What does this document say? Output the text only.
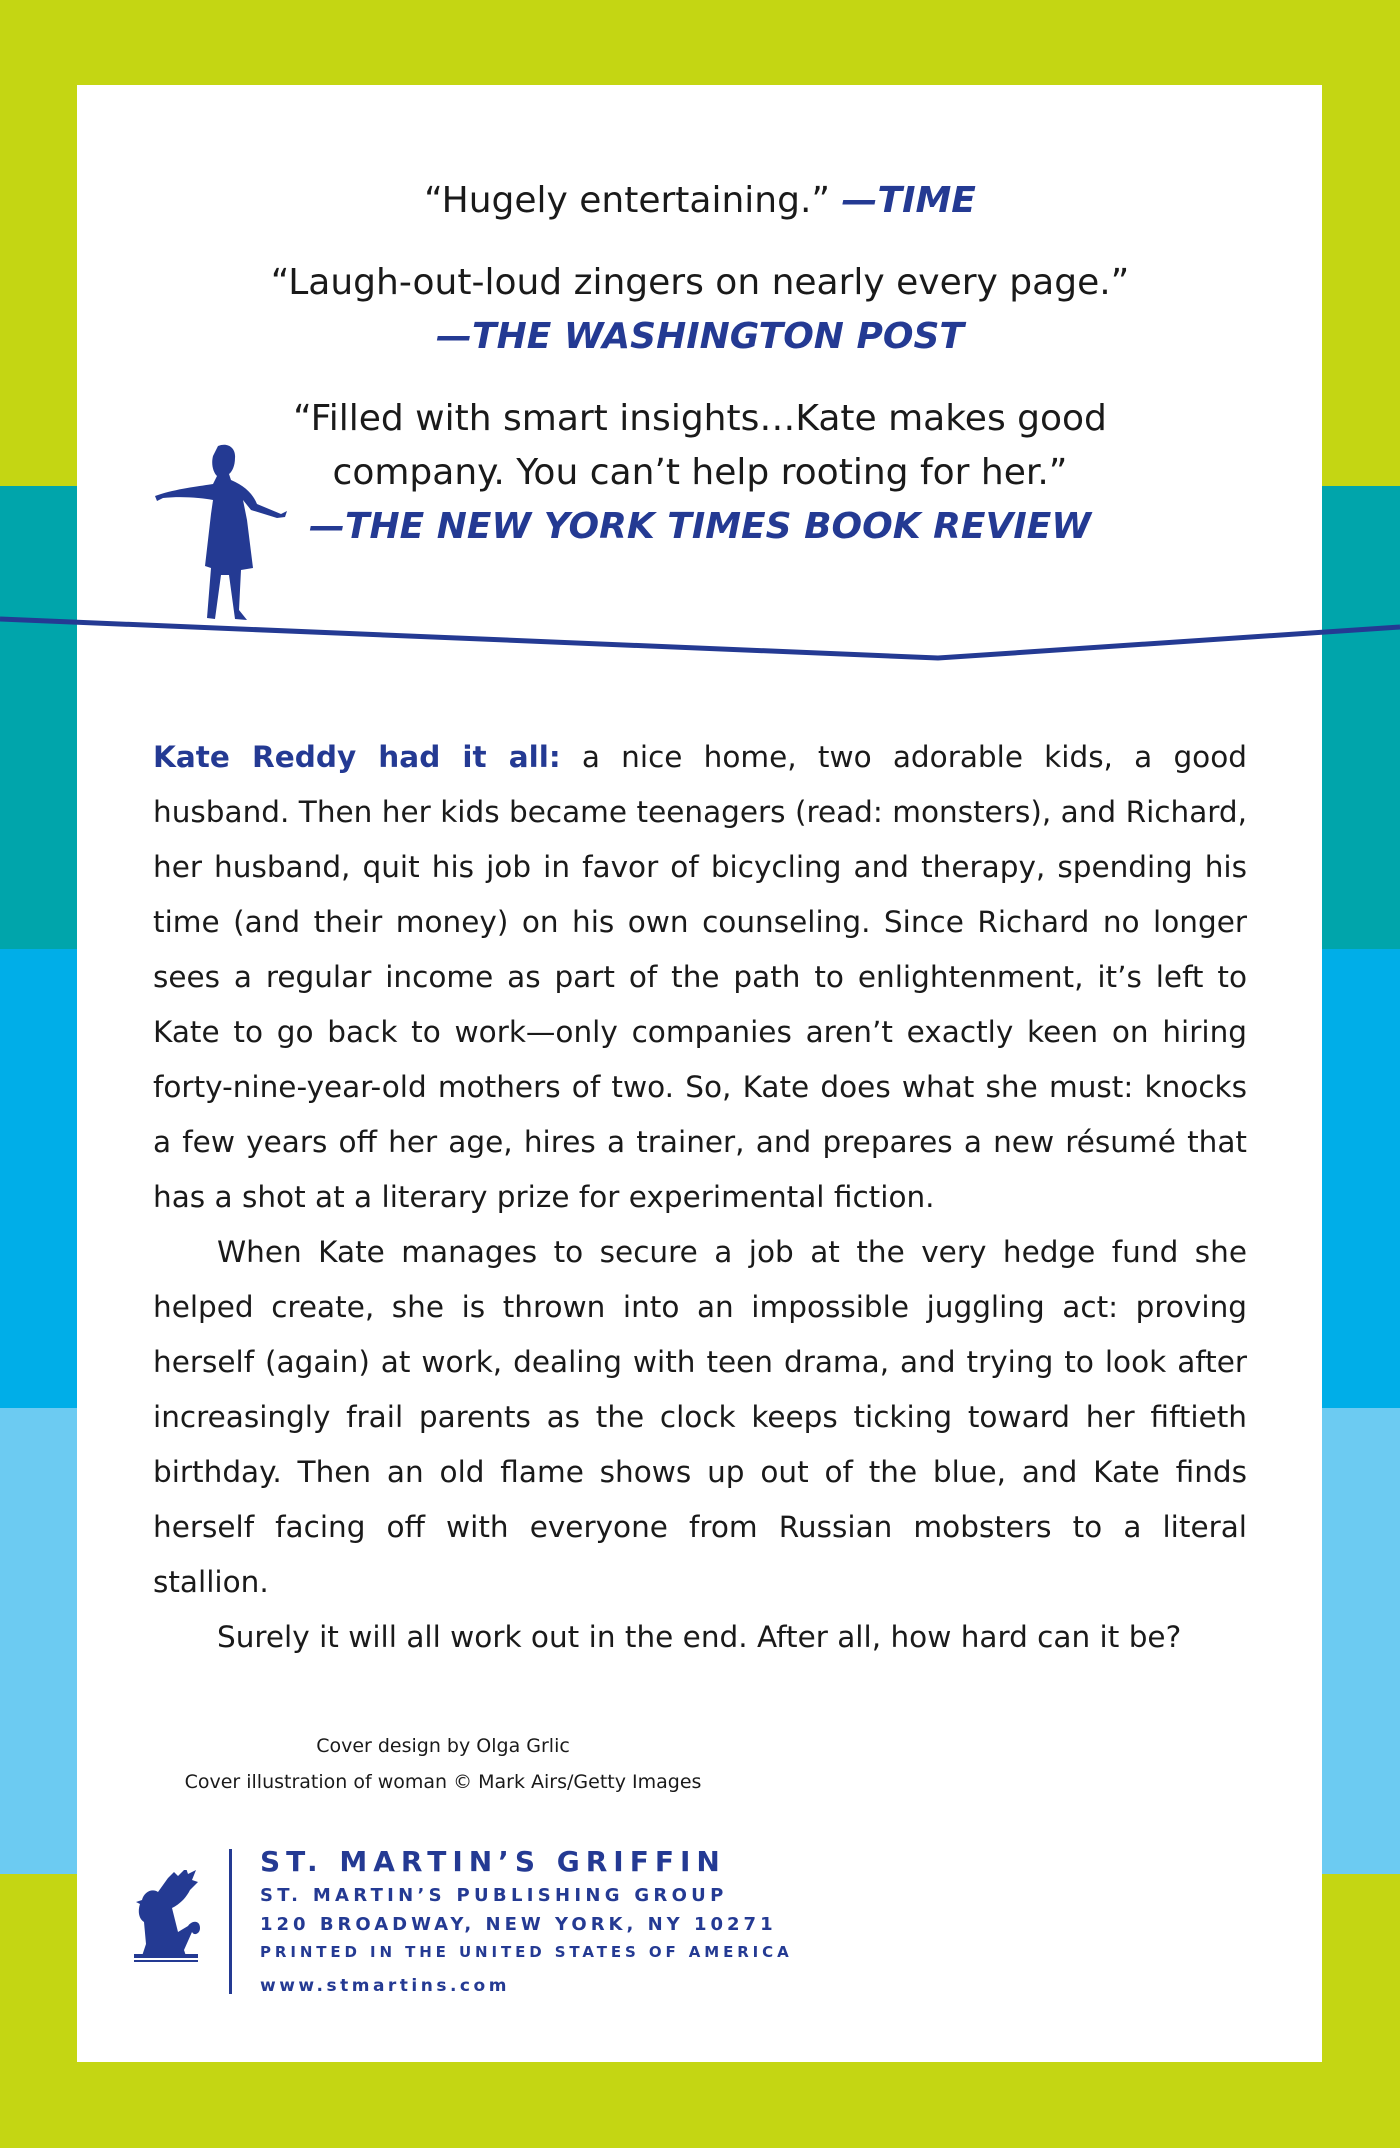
“Hugely entertaining.” —TIME
“Laugh-out-loud zingers on nearly every page.”
—THE WASHINGTON POST
“Filled with smart insights…Kate makes good
company. You can’t help rooting for her.”
—THE NEW YORK TIMES BOOK REVIEW

Kate Reddy had it all: a nice home, two adorable kids, a good husband. Then her kids became teenagers (read: monsters), and Richard, her husband, quit his job in favor of bicycling and therapy, spending his time (and their money) on his own counseling. Since Richard no longer sees a regular income as part of the path to enlightenment, it’s left to Kate to go back to work—only companies aren’t exactly keen on hiring forty-nine-year-old mothers of two. So, Kate does what she must: knocks a few years off her age, hires a trainer, and prepares a new résumé that has a shot at a literary prize for experimental fiction.

When Kate manages to secure a job at the very hedge fund she helped create, she is thrown into an impossible juggling act: proving herself (again) at work, dealing with teen drama, and trying to look after increasingly frail parents as the clock keeps ticking toward her fiftieth birthday. Then an old flame shows up out of the blue, and Kate finds herself facing off with everyone from Russian mobsters to a literal stallion.

Surely it will all work out in the end. After all, how hard can it be?

Cover design by Olga Grlic
Cover illustration of woman © Mark Airs/Getty Images
ST. MARTIN’S GRIFFIN
ST. MARTIN’S PUBLISHING GROUP
120 BROADWAY, NEW YORK, NY 10271
PRINTED IN THE UNITED STATES OF AMERICA
www.stmartins.com
